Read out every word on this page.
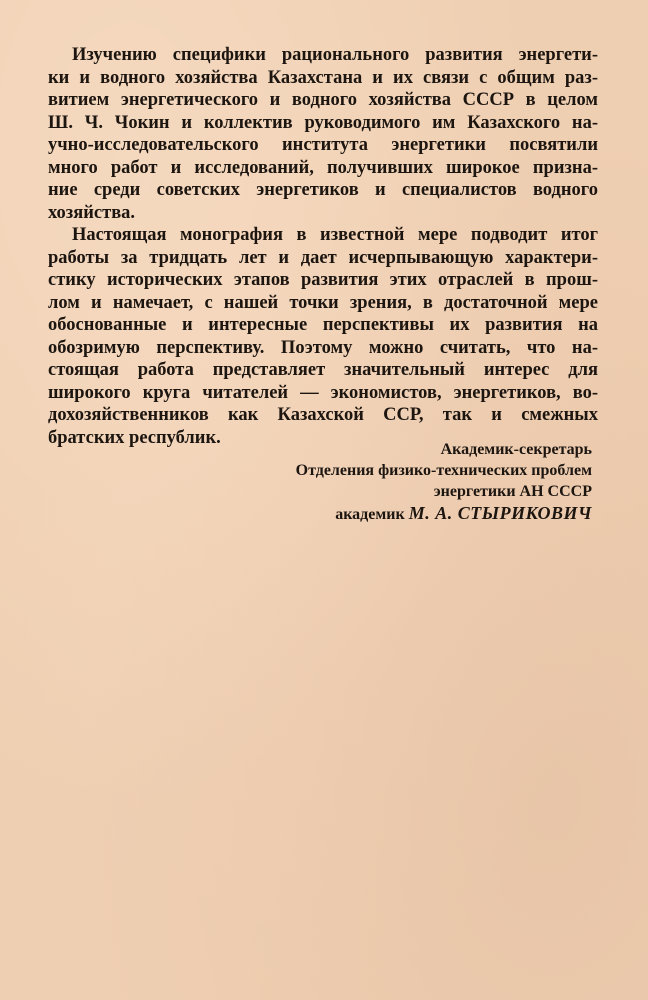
Изучению специфики рационального развития энергети-
ки и водного хозяйства Казахстана и их связи с общим раз-
витием энергетического и водного хозяйства СССР в целом
Ш. Ч. Чокин и коллектив руководимого им Казахского на-
учно-исследовательского института энергетики посвятили
много работ и исследований, получивших широкое призна-
ние среди советских энергетиков и специалистов водного
хозяйства.
Настоящая монография в известной мере подводит итог
работы за тридцать лет и дает исчерпывающую характери-
стику исторических этапов развития этих отраслей в прош-
лом и намечает, с нашей точки зрения, в достаточной мере
обоснованные и интересные перспективы их развития на
обозримую перспективу. Поэтому можно считать, что на-
стоящая работа представляет значительный интерес для
широкого круга читателей — экономистов, энергетиков, во-
дохозяйственников как Казахской ССР, так и смежных
братских республик.
Академик-секретарь
Отделения физико-технических проблем
энергетики АН СССР
академик М. А. СТЫРИКОВИЧ
